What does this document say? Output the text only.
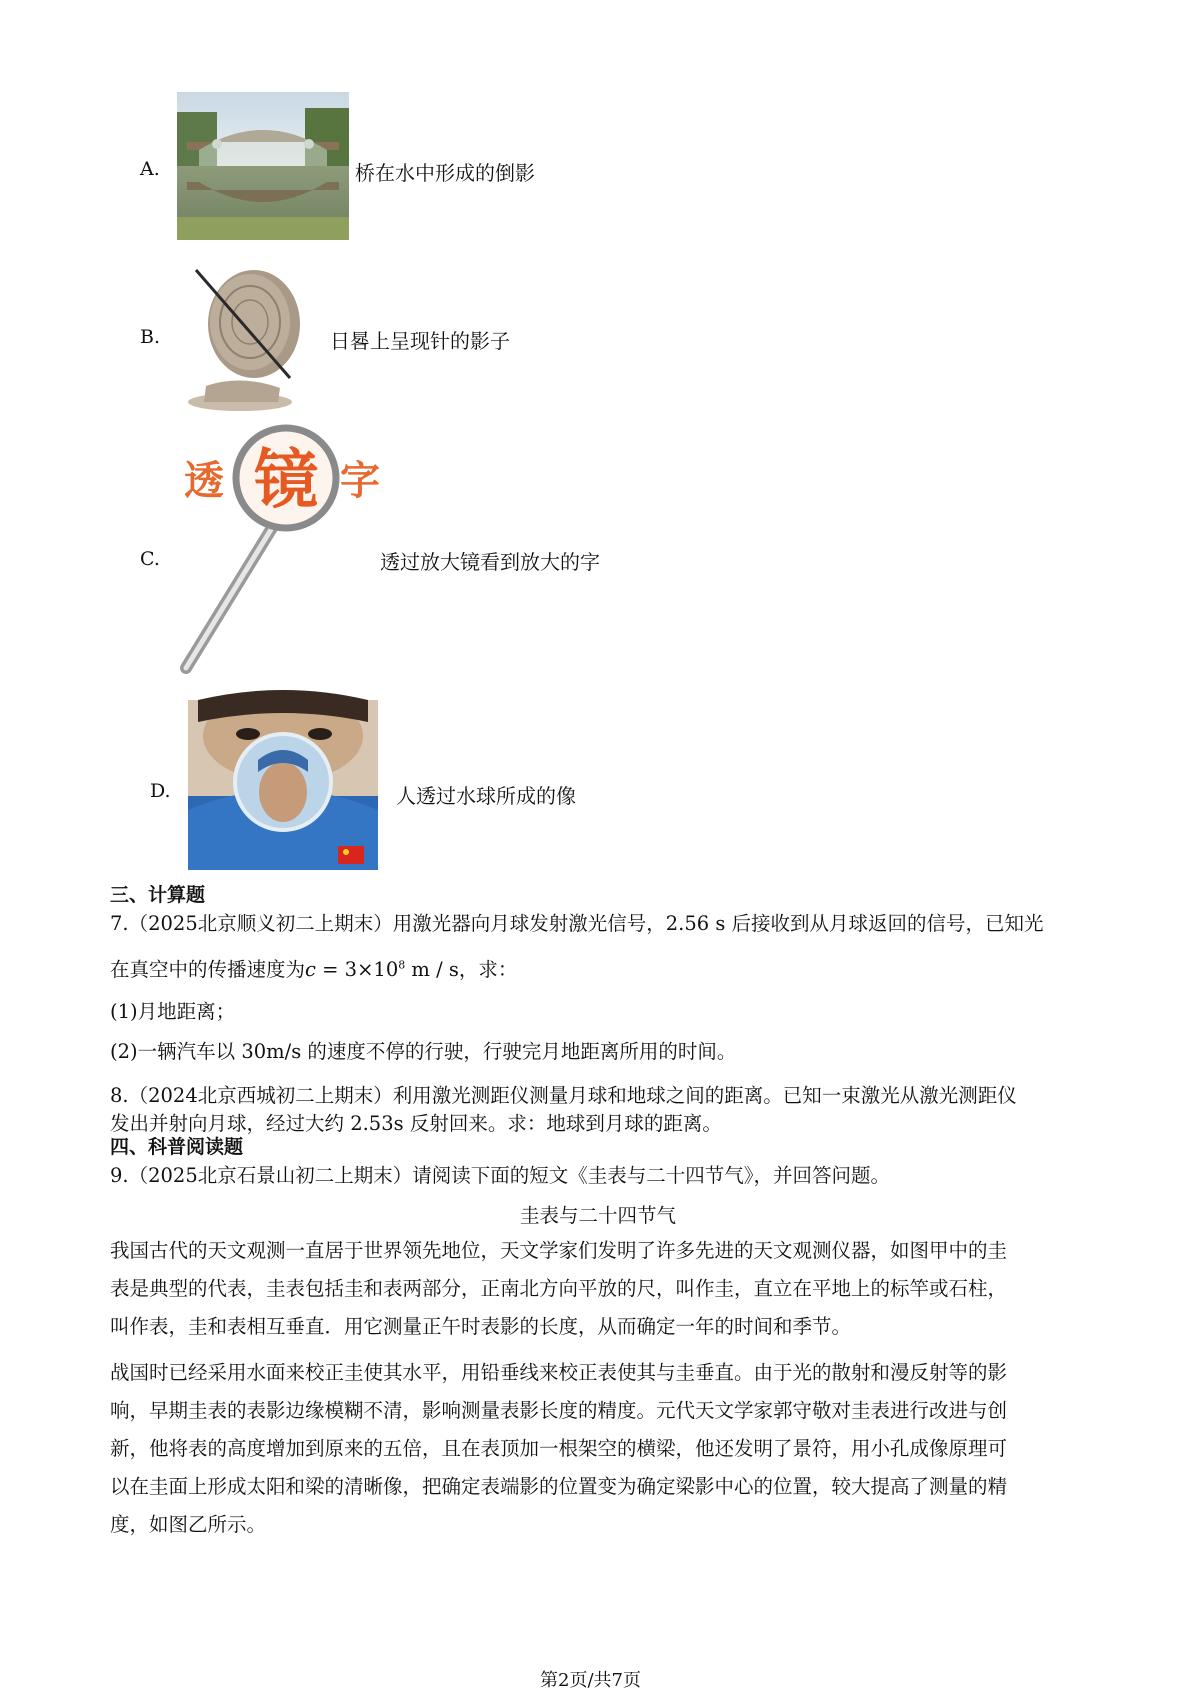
A.	桥在水中形成的倒影
B.	日晷上呈现针的影子
C.
透 镜 字
透过放大镜看到放大的字
D.	人透过水球所成的像
三、计算题
7.（2025北京顺义初二上期末）用激光器向月球发射激光信号，2.56 s 后接收到从月球返回的信号，已知光
在真空中的传播速度为$c = 3\times 10^8$ m / s，求：
(1)月地距离；
(2)一辆汽车以 30m/s 的速度不停的行驶，行驶完月地距离所用的时间。
8.（2024北京西城初二上期末）利用激光测距仪测量月球和地球之间的距离。已知一束激光从激光测距仪
发出并射向月球，经过大约 2.53s 反射回来。求：地球到月球的距离。
四、科普阅读题
9.（2025北京石景山初二上期末）请阅读下面的短文《圭表与二十四节气》，并回答问题。
圭表与二十四节气
我国古代的天文观测一直居于世界领先地位，天文学家们发明了许多先进的天文观测仪器，如图甲中的圭
表是典型的代表，圭表包括圭和表两部分，正南北方向平放的尺，叫作圭，直立在平地上的标竿或石柱，
叫作表，圭和表相互垂直．用它测量正午时表影的长度，从而确定一年的时间和季节。
战国时已经采用水面来校正圭使其水平，用铅垂线来校正表使其与圭垂直。由于光的散射和漫反射等的影
响，早期圭表的表影边缘模糊不清，影响测量表影长度的精度。元代天文学家郭守敬对圭表进行改进与创
新，他将表的高度增加到原来的五倍，且在表顶加一根架空的横梁，他还发明了景符，用小孔成像原理可
以在圭面上形成太阳和梁的清晰像，把确定表端影的位置变为确定梁影中心的位置，较大提高了测量的精
度，如图乙所示。
第2页/共7页
